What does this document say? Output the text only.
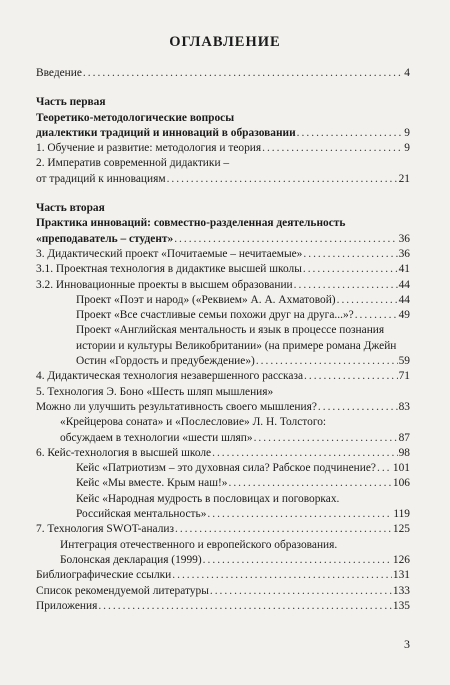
ОГЛАВЛЕНИЕ
Введение .....	4
Часть первая
Теоретико-методологические вопросы
диалектики традиций и инноваций в образовании .....	9
1. Обучение и развитие: методология и теория .....	9
2. Императив современной дидактики –
от традиций к инновациям .....	21
Часть вторая
Практика инноваций: совместно-разделенная деятельность
«преподаватель – студент» .....	36
3. Дидактический проект «Почитаемые – нечитаемые» .....	36
3.1. Проектная технология в дидактике высшей школы .....	41
3.2. Инновационные проекты в высшем образовании .....	44
Проект «Поэт и народ» («Реквием» А. А. Ахматовой) .....	44
Проект «Все счастливые семьи похожи друг на друга...»? .....	49
Проект «Английская ментальность и язык в процессе познания
истории и культуры Великобритании» (на примере романа Джейн
Остин «Гордость и предубеждение») .....	59
4. Дидактическая технология незавершенного рассказа .....	71
5. Технология Э. Боно «Шесть шляп мышления»
Можно ли улучшить результативность своего мышления? .....	83
«Крейцерова соната» и «Послесловие» Л. Н. Толстого:
обсуждаем в технологии «шести шляп» .....	87
6. Кейс-технология в высшей школе .....	98
Кейс «Патриотизм – это духовная сила? Рабское подчинение? ..... 101
Кейс «Мы вместе. Крым наш!» .....	106
Кейс «Народная мудрость в пословицах и поговорках.
Российская ментальность» .....	119
7. Технология SWOT-анализ .....	125
Интеграция отечественного и европейского образования.
Болонская декларация (1999) .....	126
Библиографические ссылки .....	131
Список рекомендуемой литературы .....	133
Приложения .....	135
3
